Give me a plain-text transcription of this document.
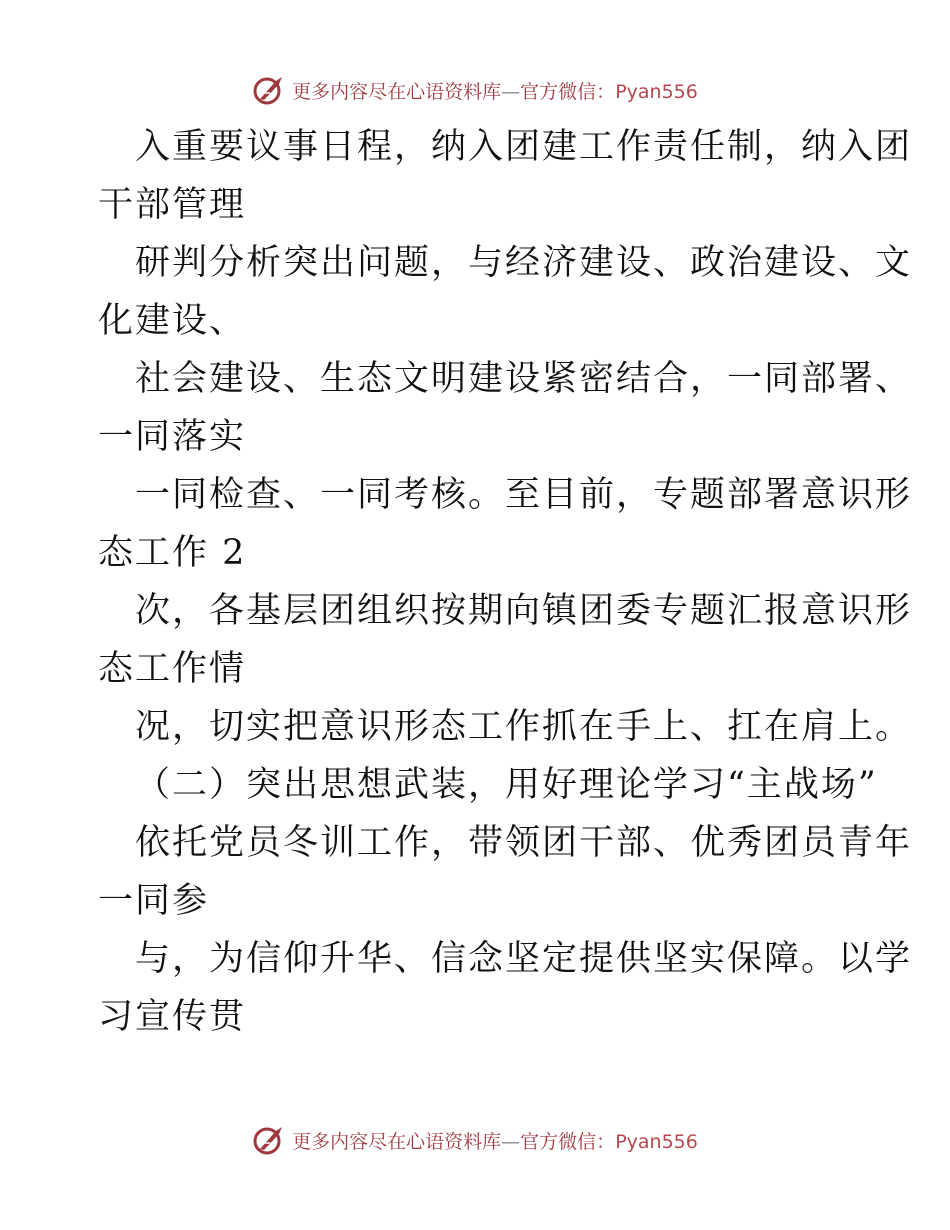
更多内容尽在心语资料库—官方微信：Pyan556
入重要议事日程，纳入团建工作责任制，纳入团
干部管理
研判分析突出问题，与经济建设、政治建设、文
化建设、
社会建设、生态文明建设紧密结合，一同部署、
一同落实
一同检查、一同考核。至目前，专题部署意识形
态工作 2
次，各基层团组织按期向镇团委专题汇报意识形
态工作情
况，切实把意识形态工作抓在手上、扛在肩上。
（二）突出思想武装，用好理论学习“主战场”
依托党员冬训工作，带领团干部、优秀团员青年
一同参
与，为信仰升华、信念坚定提供坚实保障。以学
习宣传贯
更多内容尽在心语资料库—官方微信：Pyan556
